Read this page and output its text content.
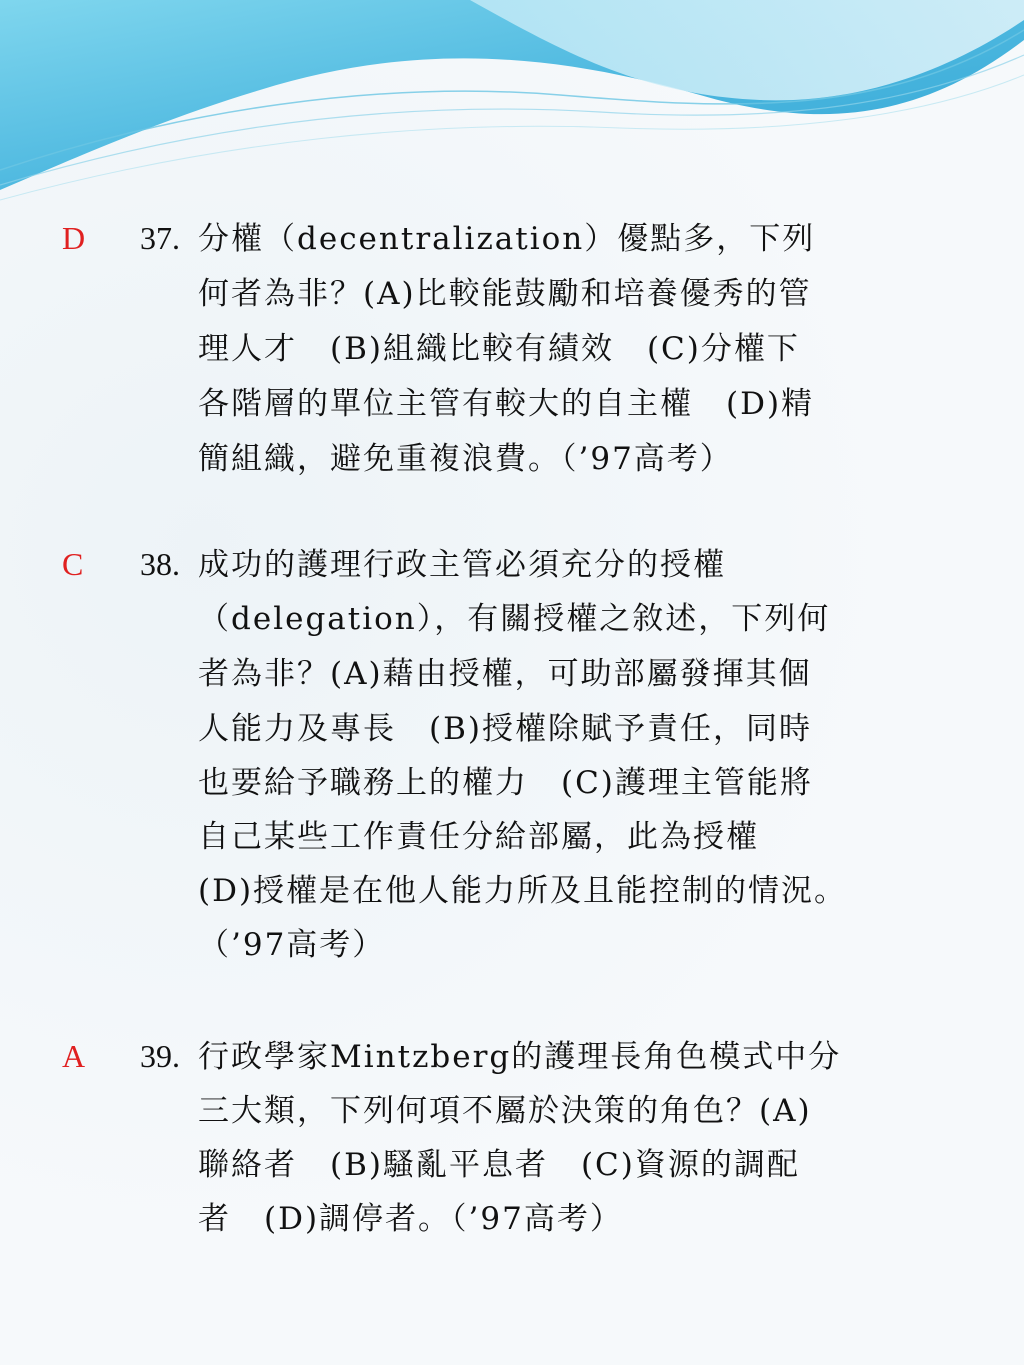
D 37. 分權（decentralization）優點多，下列
何者為非？(A)比較能鼓勵和培養優秀的管
理人才　(B)組織比較有績效　(C)分權下
各階層的單位主管有較大的自主權　(D)精
簡組織，避免重複浪費。（’97高考）
C 38. 成功的護理行政主管必須充分的授權
（delegation），有關授權之敘述，下列何
者為非？(A)藉由授權，可助部屬發揮其個
人能力及專長　(B)授權除賦予責任，同時
也要給予職務上的權力　(C)護理主管能將
自己某些工作責任分給部屬，此為授權
(D)授權是在他人能力所及且能控制的情況。
（’97高考）
A 39. 行政學家Mintzberg的護理長角色模式中分
三大類，下列何項不屬於決策的角色？(A)
聯絡者　(B)騷亂平息者　(C)資源的調配
者　(D)調停者。（’97高考）
